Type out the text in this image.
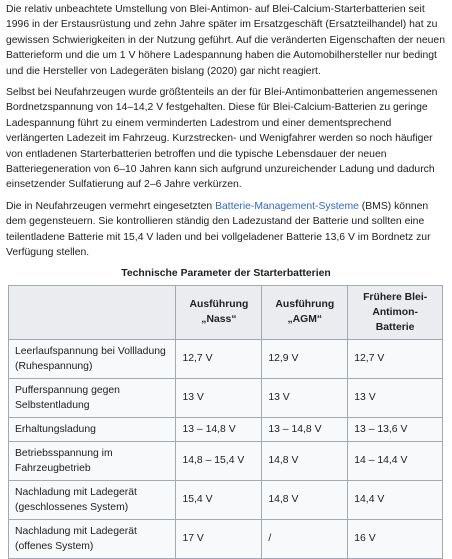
Die relativ unbeachtete Umstellung von Blei-Antimon- auf Blei-Calcium-Starterbatterien seit 1996 in der Erstausrüstung und zehn Jahre später im Ersatzgeschäft (Ersatzteilhandel) hat zu gewissen Schwierigkeiten in der Nutzung geführt. Auf die veränderten Eigenschaften der neuen Batterieform und die um 1 V höhere Ladespannung haben die Automobilhersteller nur bedingt und die Hersteller von Ladegeräten bislang (2020) gar nicht reagiert.

Selbst bei Neufahrzeugen wurde größtenteils an der für Blei-Antimonbatterien angemessenen Bordnetzspannung von 14–14,2 V festgehalten. Diese für Blei-Calcium-Batterien zu geringe Ladespannung führt zu einem verminderten Ladestrom und einer dementsprechend verlängerten Ladezeit im Fahrzeug. Kurzstrecken- und Wenigfahrer werden so noch häufiger von entladenen Starterbatterien betroffen und die typische Lebensdauer der neuen Batteriegeneration von 6–10 Jahren kann sich aufgrund unzureichender Ladung und dadurch einsetzender Sulfatierung auf 2–6 Jahre verkürzen.

Die in Neufahrzeugen vermehrt eingesetzten Batterie-Management-Systeme (BMS) können dem gegensteuern. Sie kontrollieren ständig den Ladezustand der Batterie und sollten eine teilentladene Batterie mit 15,4 V laden und bei vollgeladener Batterie 13,6 V im Bordnetz zur Verfügung stellen.

Technische Parameter der Starterbatterien
	Ausführung „Nass“	Ausführung „AGM“	Frühere Blei-Antimon-Batterie
Leerlaufspannung bei Vollladung (Ruhespannung)	12,7 V	12,9 V	12,7 V
Pufferspannung gegen Selbstentladung	13 V	13 V	13 V
Erhaltungsladung	13 – 14,8 V	13 – 14,8 V	13 – 13,6 V
Betriebsspannung im Fahrzeugbetrieb	14,8 – 15,4 V	14,8 V	14 – 14,4 V
Nachladung mit Ladegerät (geschlossenes System)	15,4 V	14,8 V	14,4 V
Nachladung mit Ladegerät (offenes System)	17 V	/	16 V
